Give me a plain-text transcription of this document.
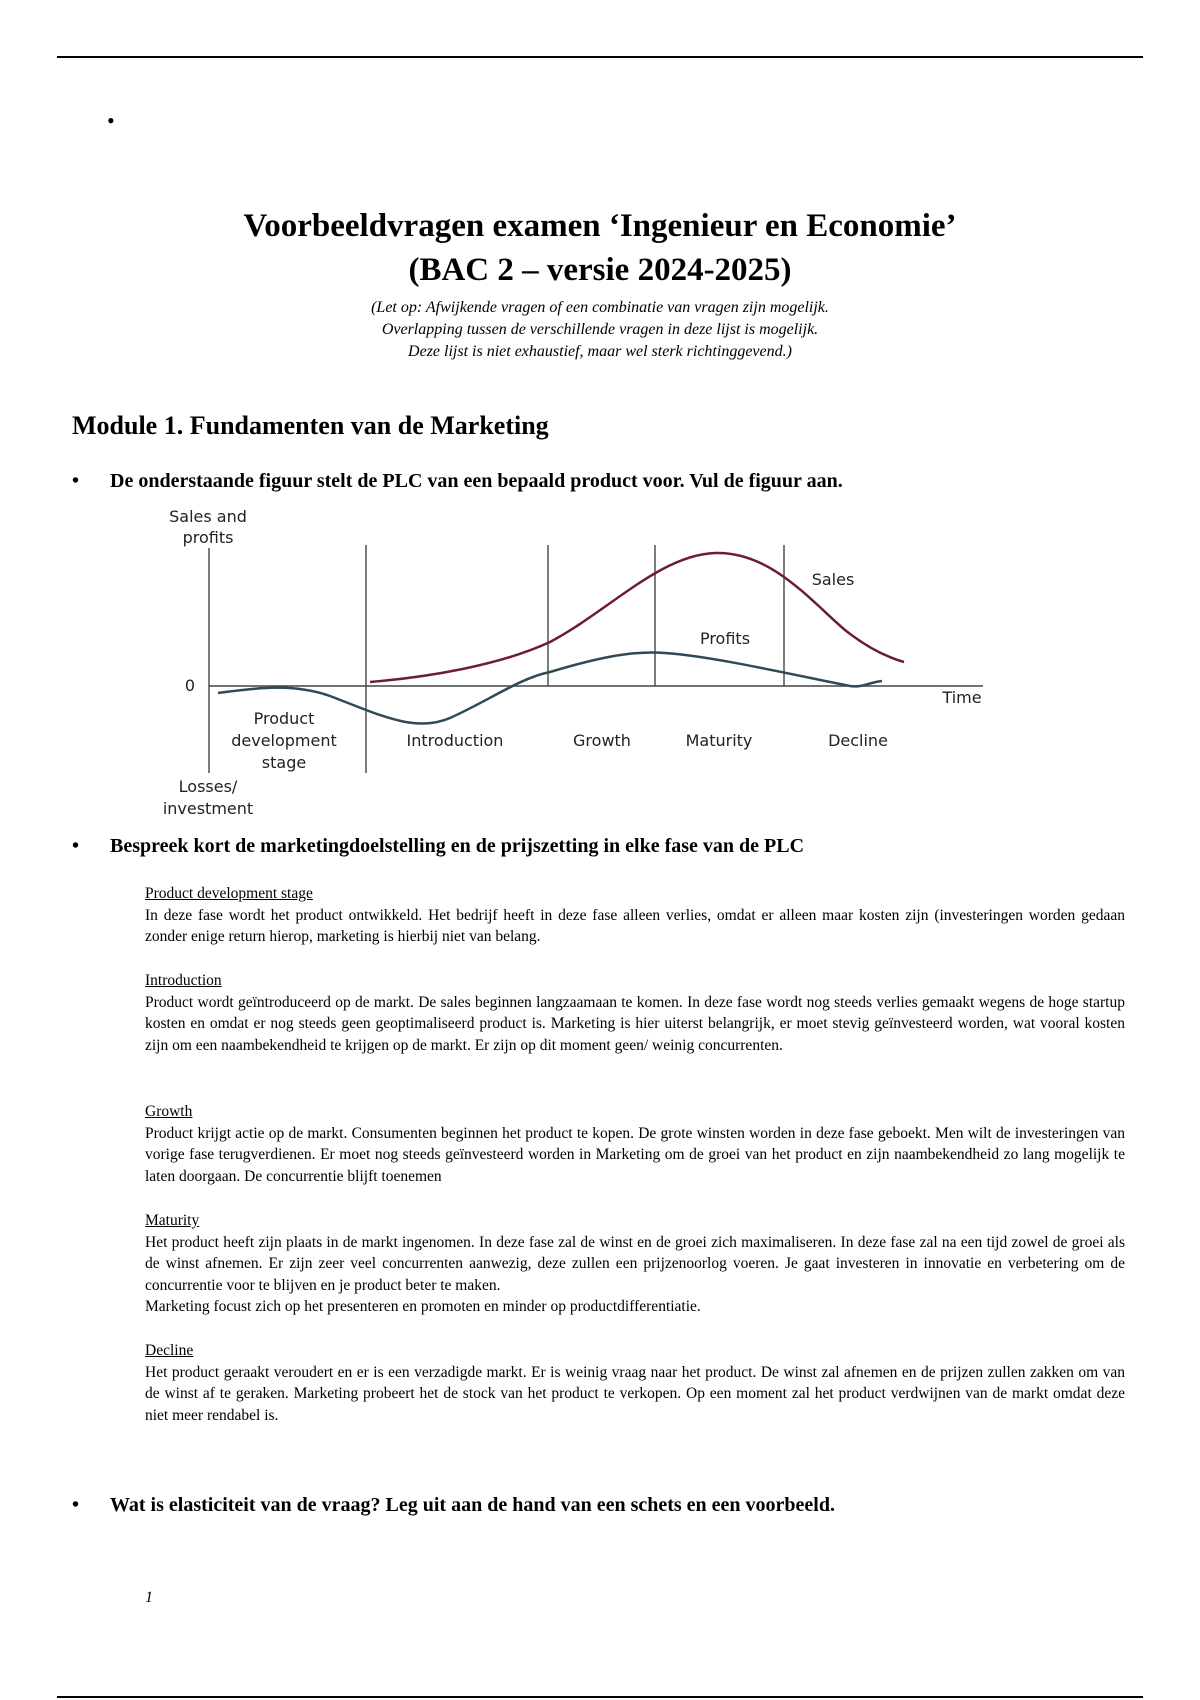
•
Voorbeeldvragen examen ‘Ingenieur en Economie’
(BAC 2 – versie 2024-2025)
(Let op: Afwijkende vragen of een combinatie van vragen zijn mogelijk.
Overlapping tussen de verschillende vragen in deze lijst is mogelijk.
Deze lijst is niet exhaustief, maar wel sterk richtinggevend.)
Module 1. Fundamenten van de Marketing
• De onderstaande figuur stelt de PLC van een bepaald product voor. Vul de figuur aan.
Sales and
profits
0
Time
Sales
Profits
Product
development
stage
Introduction	Growth	Maturity	Decline
Losses/
investment
• Bespreek kort de marketingdoelstelling en de prijszetting in elke fase van de PLC
Product development stage

In deze fase wordt het product ontwikkeld. Het bedrijf heeft in deze fase alleen verlies, omdat er alleen maar kosten zijn (investeringen worden gedaan zonder enige return hierop, marketing is hierbij niet van belang.

Introduction

Product wordt geïntroduceerd op de markt. De sales beginnen langzaamaan te komen. In deze fase wordt nog steeds verlies gemaakt wegens de hoge startup kosten en omdat er nog steeds geen geoptimaliseerd product is. Marketing is hier uiterst belangrijk, er moet stevig geïnvesteerd worden, wat vooral kosten zijn om een naambekendheid te krijgen op de markt. Er zijn op dit moment geen/ weinig concurrenten.

Growth

Product krijgt actie op de markt. Consumenten beginnen het product te kopen. De grote winsten worden in deze fase geboekt. Men wilt de investeringen van vorige fase terugverdienen. Er moet nog steeds geïnvesteerd worden in Marketing om de groei van het product en zijn naambekendheid zo lang mogelijk te laten doorgaan. De concurrentie blijft toenemen

Maturity

Het product heeft zijn plaats in de markt ingenomen. In deze fase zal de winst en de groei zich maximaliseren. In deze fase zal na een tijd zowel de groei als de winst afnemen. Er zijn zeer veel concurrenten aanwezig, deze zullen een prijzenoorlog voeren. Je gaat investeren in innovatie en verbetering om de concurrentie voor te blijven en je product beter te maken.

Marketing focust zich op het presenteren en promoten en minder op productdifferentiatie.

Decline

Het product geraakt veroudert en er is een verzadigde markt. Er is weinig vraag naar het product. De winst zal afnemen en de prijzen zullen zakken om van de winst af te geraken. Marketing probeert het de stock van het product te verkopen. Op een moment zal het product verdwijnen van de markt omdat deze niet meer rendabel is.

• Wat is elasticiteit van de vraag? Leg uit aan de hand van een schets en een voorbeeld.
1
